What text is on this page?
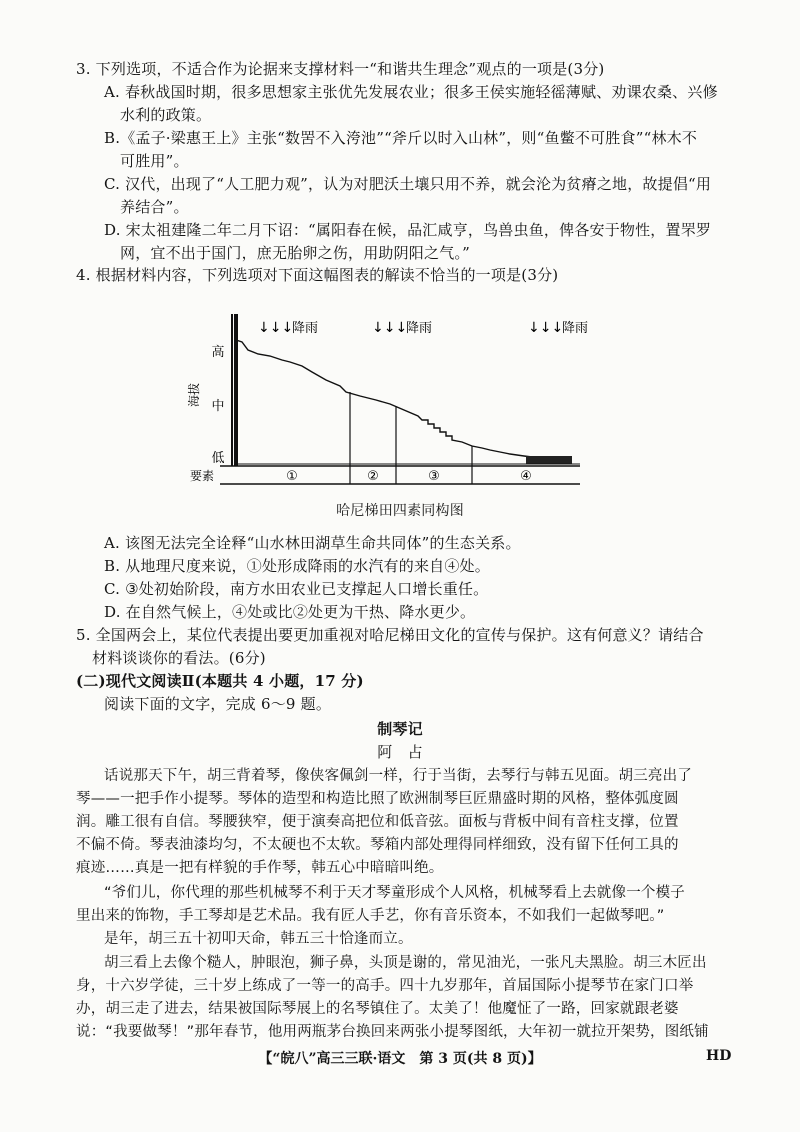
3. 下列选项，不适合作为论据来支撑材料一“和谐共生理念”观点的一项是(3分)
A. 春秋战国时期，很多思想家主张优先发展农业；很多王侯实施轻徭薄赋、劝课农桑、兴修
水利的政策。
B.《孟子·梁惠王上》主张“数罟不入洿池”“斧斤以时入山林”，则“鱼鳖不可胜食”“林木不
可胜用”。
C. 汉代，出现了“人工肥力观”，认为对肥沃土壤只用不养，就会沦为贫瘠之地，故提倡“用
养结合”。
D. 宋太祖建隆二年二月下诏：“属阳春在候，品汇咸亨，鸟兽虫鱼，俾各安于物性，置罘罗
网，宜不出于国门，庶无胎卵之伤，用助阴阳之气。”
4. 根据材料内容，下列选项对下面这幅图表的解读不恰当的一项是(3分)
高
中
低
海拔
要素
↓↓↓
降雨	↓↓↓
降雨	↓↓↓
降雨
①	②	③	④
哈尼梯田四素同构图
A. 该图无法完全诠释“山水林田湖草生命共同体”的生态关系。
B. 从地理尺度来说，①处形成降雨的水汽有的来自④处。
C. ③处初始阶段，南方水田农业已支撑起人口增长重任。
D. 在自然气候上，④处或比②处更为干热、降水更少。
5. 全国两会上，某位代表提出要更加重视对哈尼梯田文化的宣传与保护。这有何意义？请结合
材料谈谈你的看法。(6分)
(二)现代文阅读Ⅱ(本题共 4 小题，17 分)
阅读下面的文字，完成 6～9 题。
制琴记
阿　占
话说那天下午，胡三背着琴，像侠客佩剑一样，行于当街，去琴行与韩五见面。胡三亮出了
琴——一把手作小提琴。琴体的造型和构造比照了欧洲制琴巨匠鼎盛时期的风格，整体弧度圆
润。雕工很有自信。琴腰狭窄，便于演奏高把位和低音弦。面板与背板中间有音柱支撑，位置
不偏不倚。琴表油漆均匀，不太硬也不太软。琴箱内部处理得同样细致，没有留下任何工具的
痕迹……真是一把有样貌的手作琴，韩五心中暗暗叫绝。
“爷们儿，你代理的那些机械琴不利于天才琴童形成个人风格，机械琴看上去就像一个模子
里出来的饰物，手工琴却是艺术品。我有匠人手艺，你有音乐资本，不如我们一起做琴吧。”
是年，胡三五十初叩天命，韩五三十恰逢而立。
胡三看上去像个糙人，肿眼泡，狮子鼻，头顶是谢的，常见油光，一张凡夫黑脸。胡三木匠出
身，十六岁学徒，三十岁上练成了一等一的高手。四十九岁那年，首届国际小提琴节在家门口举
办，胡三走了进去，结果被国际琴展上的名琴镇住了。太美了！他魔怔了一路，回家就跟老婆
说：“我要做琴！”那年春节，他用两瓶茅台换回来两张小提琴图纸，大年初一就拉开架势，图纸铺
【“皖八”高三三联·语文　第 3 页(共 8 页)】	HD
